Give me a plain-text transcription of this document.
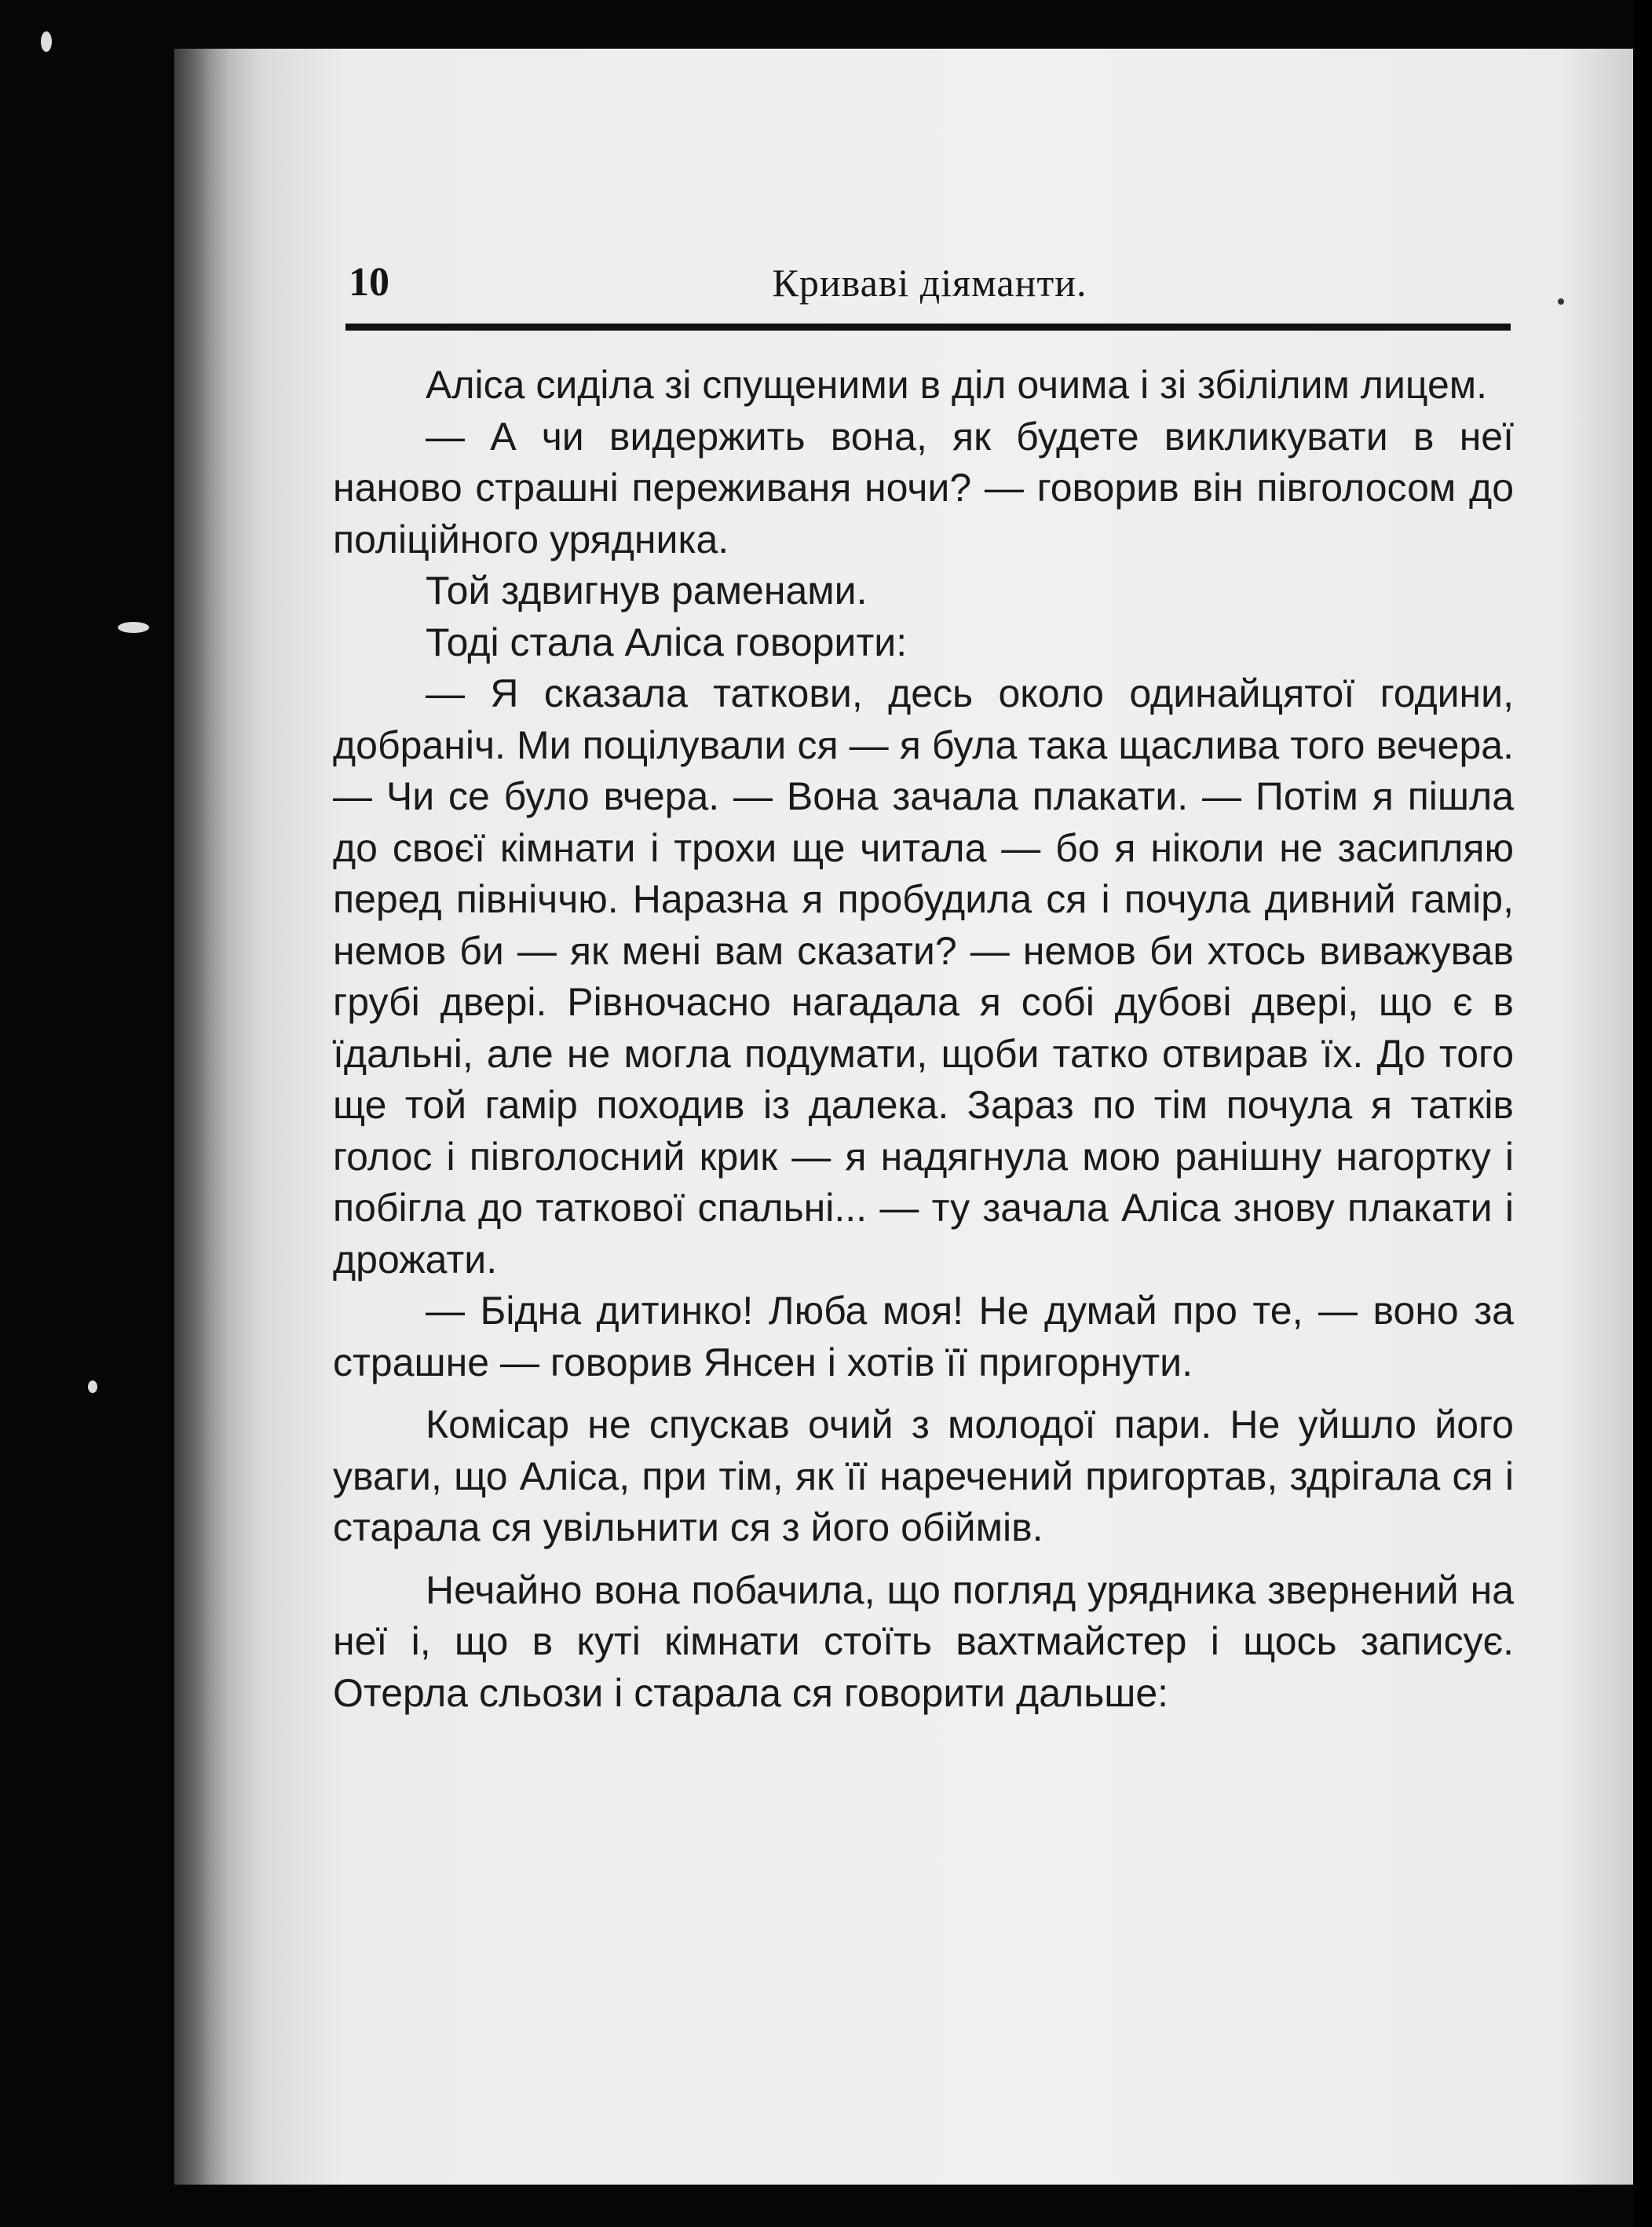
10	Криваві діяманти.

Аліса сиділа зі спущеними в діл очима і зі збілілим лицем.

— А чи видержить вона, як будете викликувати в неї наново страшні переживаня ночи? — говорив він півголосом до поліційного урядника.

Той здвигнув раменами.

Тоді стала Аліса говорити:

— Я сказала таткови, десь около одинайцятої години, добраніч. Ми поцілували ся — я була така щаслива того вечера. — Чи се було вчера. — Вона зачала плакати. — Потім я пішла до своєї кімнати і трохи ще читала — бо я ніколи не засипляю перед північчю. Наразна я пробудила ся і почула дивний гамір, немов би — як мені вам сказати? — немов би хтось виважував грубі двері. Рівночасно нагадала я собі дубові двері, що є в їдальні, але не могла подумати, щоби татко отвирав їх. До того ще той гамір походив із далека. Зараз по тім почула я татків голос і півголосний крик — я надягнула мою ранішну нагортку і побігла до таткової спальні... — ту зачала Аліса знову плакати і дрожати.

— Бідна дитинко! Люба моя! Не думай про те, — воно за страшне — говорив Янсен і хотів її пригорнути.

Комісар не спускав очий з молодої пари. Не уйшло його уваги, що Аліса, при тім, як її наречений пригортав, здрігала ся і старала ся увільнити ся з його обіймів.

Нечайно вона побачила, що погляд урядника звернений на неї і, що в куті кімнати стоїть вахтмайстер і щось записує. Отерла сльози і старала ся говорити дальше:
